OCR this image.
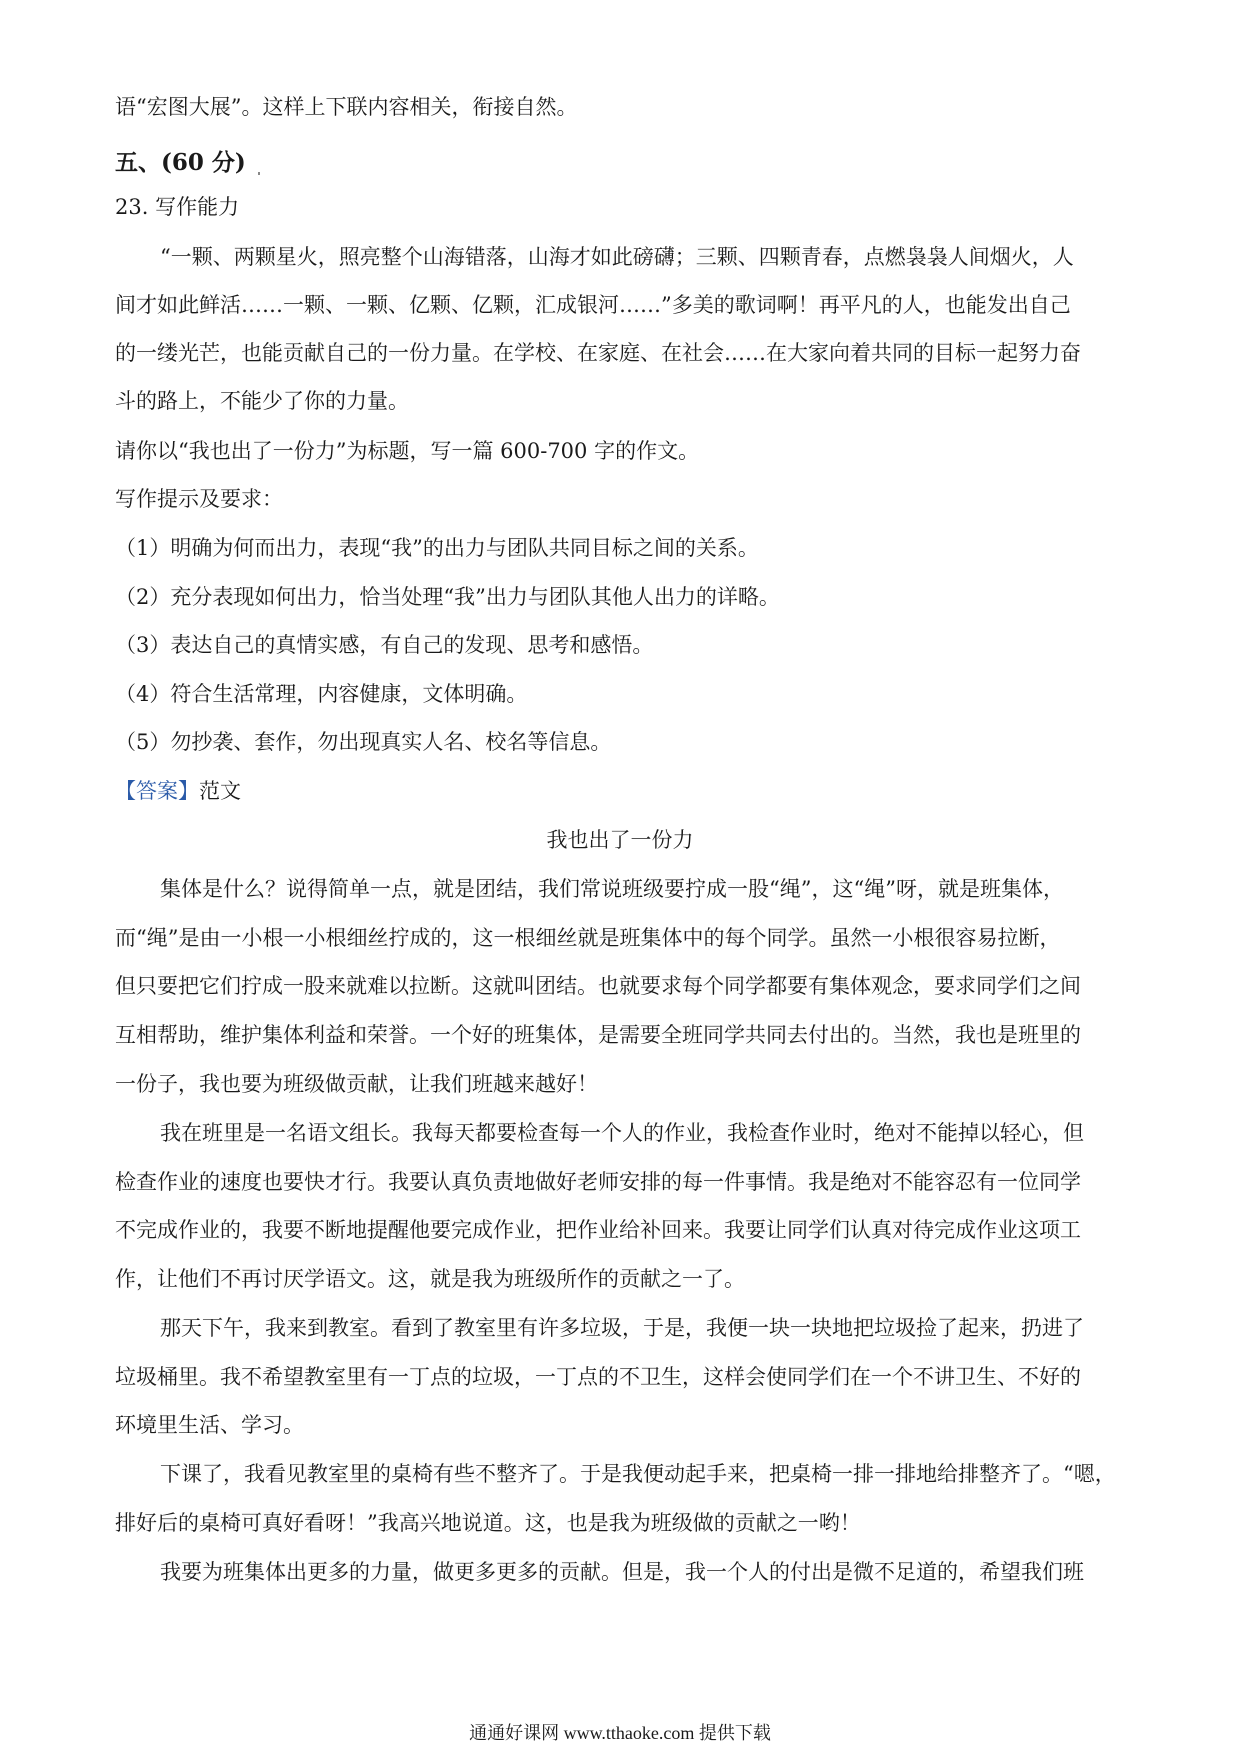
语“宏图大展”。这样上下联内容相关，衔接自然。
五、(60 分)
23. 写作能力
“一颗、两颗星火，照亮整个山海错落，山海才如此磅礴；三颗、四颗青春，点燃袅袅人间烟火，人
间才如此鲜活……一颗、一颗、亿颗、亿颗，汇成银河……”多美的歌词啊！再平凡的人，也能发出自己
的一缕光芒，也能贡献自己的一份力量。在学校、在家庭、在社会……在大家向着共同的目标一起努力奋
斗的路上，不能少了你的力量。
请你以“我也出了一份力”为标题，写一篇 600-700 字的作文。
写作提示及要求：
（1）明确为何而出力，表现“我”的出力与团队共同目标之间的关系。
（2）充分表现如何出力，恰当处理“我”出力与团队其他人出力的详略。
（3）表达自己的真情实感，有自己的发现、思考和感悟。
（4）符合生活常理，内容健康，文体明确。
（5）勿抄袭、套作，勿出现真实人名、校名等信息。
【答案】范文
我也出了一份力
集体是什么？说得简单一点，就是团结，我们常说班级要拧成一股“绳”，这“绳”呀，就是班集体，
而“绳”是由一小根一小根细丝拧成的，这一根细丝就是班集体中的每个同学。虽然一小根很容易拉断，
但只要把它们拧成一股来就难以拉断。这就叫团结。也就要求每个同学都要有集体观念，要求同学们之间
互相帮助，维护集体利益和荣誉。一个好的班集体，是需要全班同学共同去付出的。当然，我也是班里的
一份子，我也要为班级做贡献，让我们班越来越好！
我在班里是一名语文组长。我每天都要检查每一个人的作业，我检查作业时，绝对不能掉以轻心，但
检查作业的速度也要快才行。我要认真负责地做好老师安排的每一件事情。我是绝对不能容忍有一位同学
不完成作业的，我要不断地提醒他要完成作业，把作业给补回来。我要让同学们认真对待完成作业这项工
作，让他们不再讨厌学语文。这，就是我为班级所作的贡献之一了。
那天下午，我来到教室。看到了教室里有许多垃圾，于是，我便一块一块地把垃圾捡了起来，扔进了
垃圾桶里。我不希望教室里有一丁点的垃圾，一丁点的不卫生，这样会使同学们在一个不讲卫生、不好的
环境里生活、学习。
下课了，我看见教室里的桌椅有些不整齐了。于是我便动起手来，把桌椅一排一排地给排整齐了。“嗯，
排好后的桌椅可真好看呀！”我高兴地说道。这，也是我为班级做的贡献之一哟！
我要为班集体出更多的力量，做更多更多的贡献。但是，我一个人的付出是微不足道的，希望我们班
通通好课网 www.tthaoke.com 提供下载
